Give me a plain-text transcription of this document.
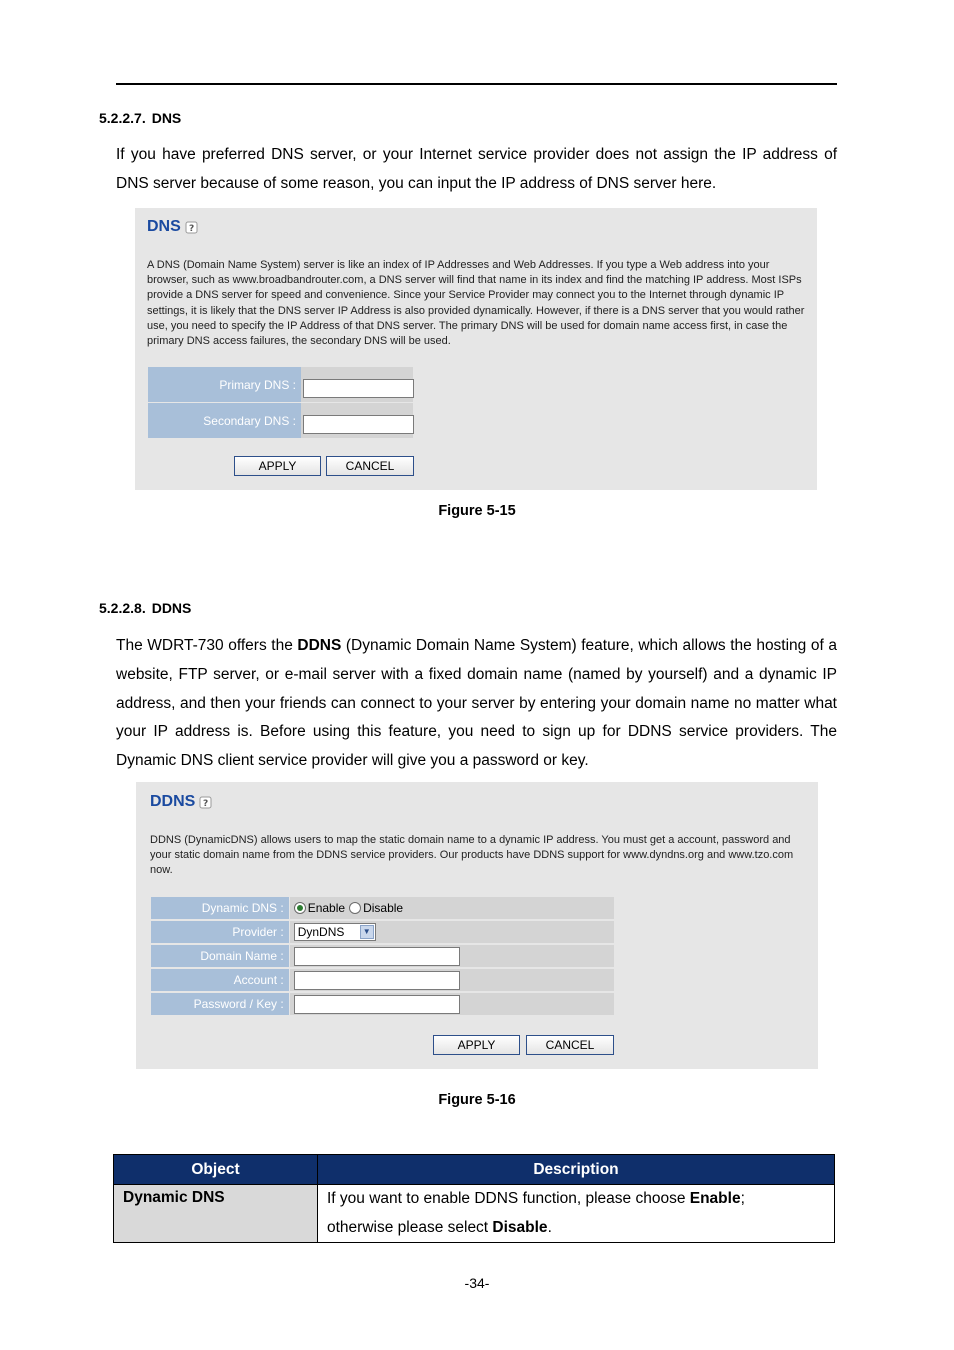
5.2.2.7. DNS
If you have preferred DNS server, or your Internet service provider does not assign the IP address of DNS server because of some reason, you can input the IP address of DNS server here.
DNS ?
A DNS (Domain Name System) server is like an index of IP Addresses and Web Addresses. If you type a Web address into your browser, such as www.broadbandrouter.com, a DNS server will find that name in its index and find the matching IP address. Most ISPs provide a DNS server for speed and convenience. Since your Service Provider may connect you to the Internet through dynamic IP settings, it is likely that the DNS server IP Address is also provided dynamically. However, if there is a DNS server that you would rather use, you need to specify the IP Address of that DNS server. The primary DNS will be used for domain name access first, in case the primary DNS access failures, the secondary DNS will be used.
Primary DNS :
Secondary DNS :
APPLY	CANCEL
Figure 5-15
5.2.2.8. DDNS
The WDRT-730 offers the DDNS (Dynamic Domain Name System) feature, which allows the hosting of a website, FTP server, or e-mail server with a fixed domain name (named by yourself) and a dynamic IP address, and then your friends can connect to your server by entering your domain name no matter what your IP address is. Before using this feature, you need to sign up for DDNS service providers. The Dynamic DNS client service provider will give you a password or key.
DDNS ?
DDNS (DynamicDNS) allows users to map the static domain name to a dynamic IP address. You must get a account, password and your static domain name from the DDNS service providers. Our products have DDNS support for www.dyndns.org and www.tzo.com now.
Dynamic DNS :	Enable Disable
Provider :	DynDNS	▼
Domain Name :
Account :
Password / Key :
APPLY	CANCEL
Figure 5-16
Object	Description
Dynamic DNS	If you want to enable DDNS function, please choose Enable;
otherwise please select Disable.
-34-
